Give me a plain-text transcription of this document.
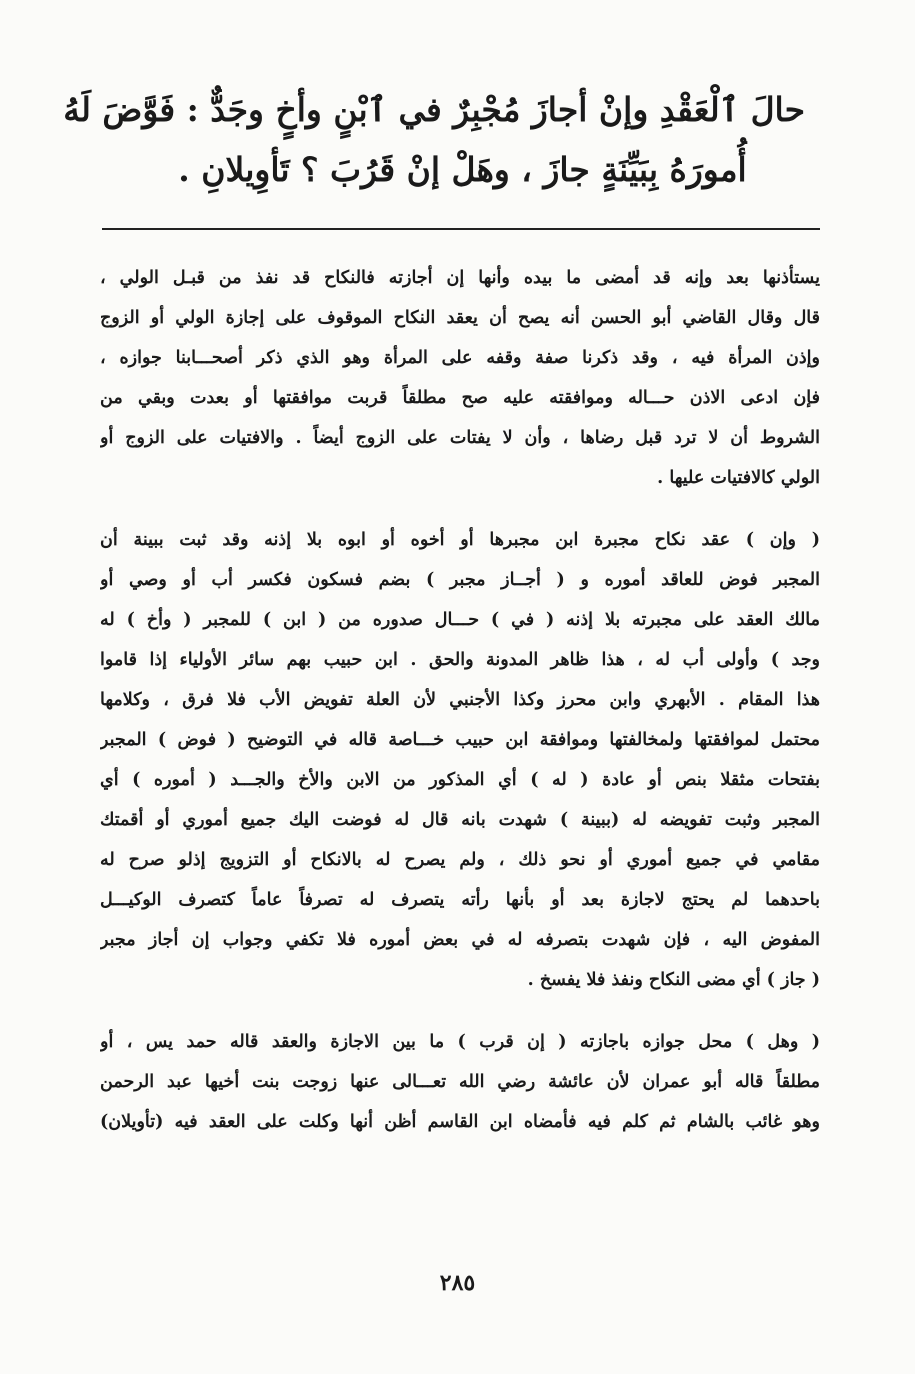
حالَ ٱلْعَقْدِ وإنْ أجازَ مُجْبِرٌ في ٱبْنٍ وأخٍ وجَدٌّ : فَوَّضَ لَهُ
أُمورَهُ بِبَيِّنَةٍ جازَ ، وهَلْ إنْ قَرُبَ ؟ تَأوِيلانِ .
يستأذنها بعد وإنه قد أمضى ما بيده وأنها إن أجازته فالنكاح قد نفذ من قبـل الولي ،
قال وقال القاضي أبو الحسن أنه يصح أن يعقد النكاح الموقوف على إجازة الولي أو الزوج
وإذن المرأة فيه ، وقد ذكرنا صفة وقفه على المرأة وهو الذي ذكر أصحـــابنا جوازه ،
فإن ادعى الاذن حـــاله وموافقته عليه صح مطلقاً قربت موافقتها أو بعدت وبقي من
الشروط أن لا ترد قبل رضاها ، وأن لا يفتات على الزوج أيضاً . والافتيات على الزوج أو
الولي كالافتيات عليها .
( وإن ) عقد نكاح مجبرة ابن مجبرها أو أخوه أو ابوه بلا إذنه وقد ثبت ببينة أن
المجبر فوض للعاقد أموره و ( أجــاز مجبر ) بضم فسكون فكسر أب أو وصي أو
مالك العقد على مجبرته بلا إذنه ( في ) حـــال صدوره من ( ابن ) للمجبر ( وأخ ) له
وجد ) وأولى أب له ، هذا ظاهر المدونة والحق . ابن حبيب بهم سائر الأولياء إذا قاموا
هذا المقام . الأبهري وابن محرز وكذا الأجنبي لأن العلة تفويض الأب فلا فرق ، وكلامها
محتمل لموافقتها ولمخالفتها وموافقة ابن حبيب خـــاصة قاله في التوضيح ( فوض ) المجبر
بفتحات مثقلا بنص أو عادة ( له ) أي المذكور من الابن والأخ والجـــد ( أموره ) أي
المجبر وثبت تفويضه له (ببينة ) شهدت بانه قال له فوضت اليك جميع أموري أو أقمتك
مقامي في جميع أموري أو نحو ذلك ، ولم يصرح له بالانكاح أو التزويج إذلو صرح له
باحدهما لم يحتج لاجازة بعد أو بأنها رأته يتصرف له تصرفاً عاماً كتصرف الوكيـــل
المفوض اليه ، فإن شهدت بتصرفه له في بعض أموره فلا تكفي وجواب إن أجاز مجبر
( جاز ) أي مضى النكاح ونفذ فلا يفسخ .
( وهل ) محل جوازه باجازته ( إن قرب ) ما بين الاجازة والعقد قاله حمد يس ، أو
مطلقاً قاله أبو عمران لأن عائشة رضي الله تعـــالى عنها زوجت بنت أخيها عبد الرحمن
وهو غائب بالشام ثم كلم فيه فأمضاه ابن القاسم أظن أنها وكلت على العقد فيه (تأويلان)
٢٨٥
